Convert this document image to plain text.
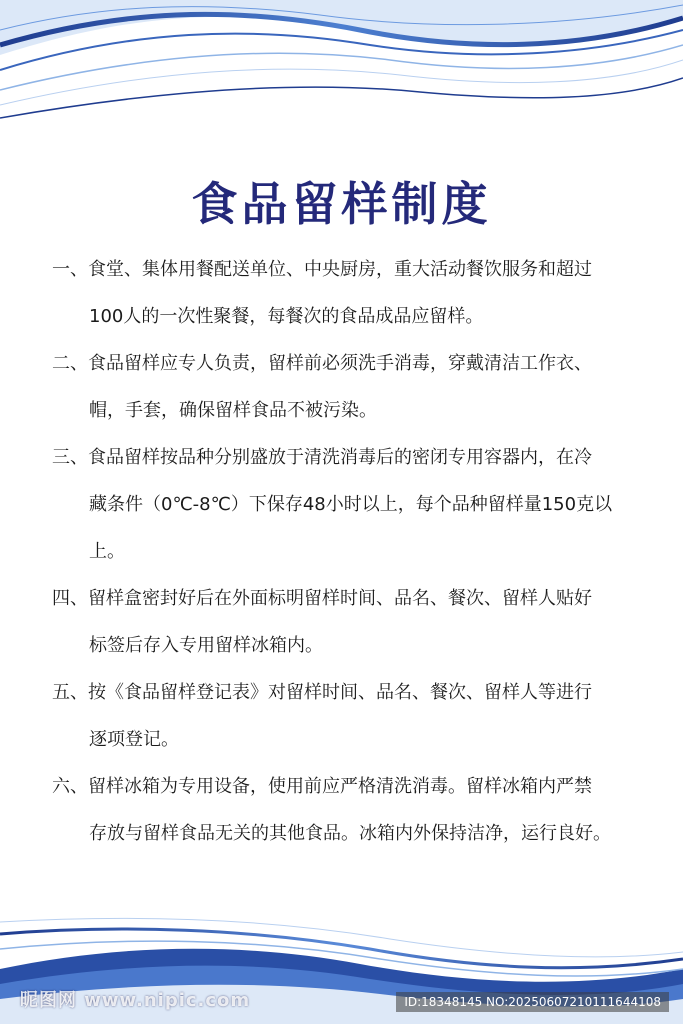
食品留样制度
一、食堂、集体用餐配送单位、中央厨房，重大活动餐饮服务和超过
100人的一次性聚餐，每餐次的食品成品应留样。
二、食品留样应专人负责，留样前必须洗手消毒，穿戴清洁工作衣、
帽，手套，确保留样食品不被污染。
三、食品留样按品种分别盛放于清洗消毒后的密闭专用容器内，在冷
藏条件（0℃-8℃）下保存48小时以上，每个品种留样量150克以
上。
四、留样盒密封好后在外面标明留样时间、品名、餐次、留样人贴好
标签后存入专用留样冰箱内。
五、按《食品留样登记表》对留样时间、品名、餐次、留样人等进行
逐项登记。
六、留样冰箱为专用设备，使用前应严格清洗消毒。留样冰箱内严禁
存放与留样食品无关的其他食品。冰箱内外保持洁净，运行良好。
昵图网 www.nipic.com	ID:18348145 NO:20250607210111644108
